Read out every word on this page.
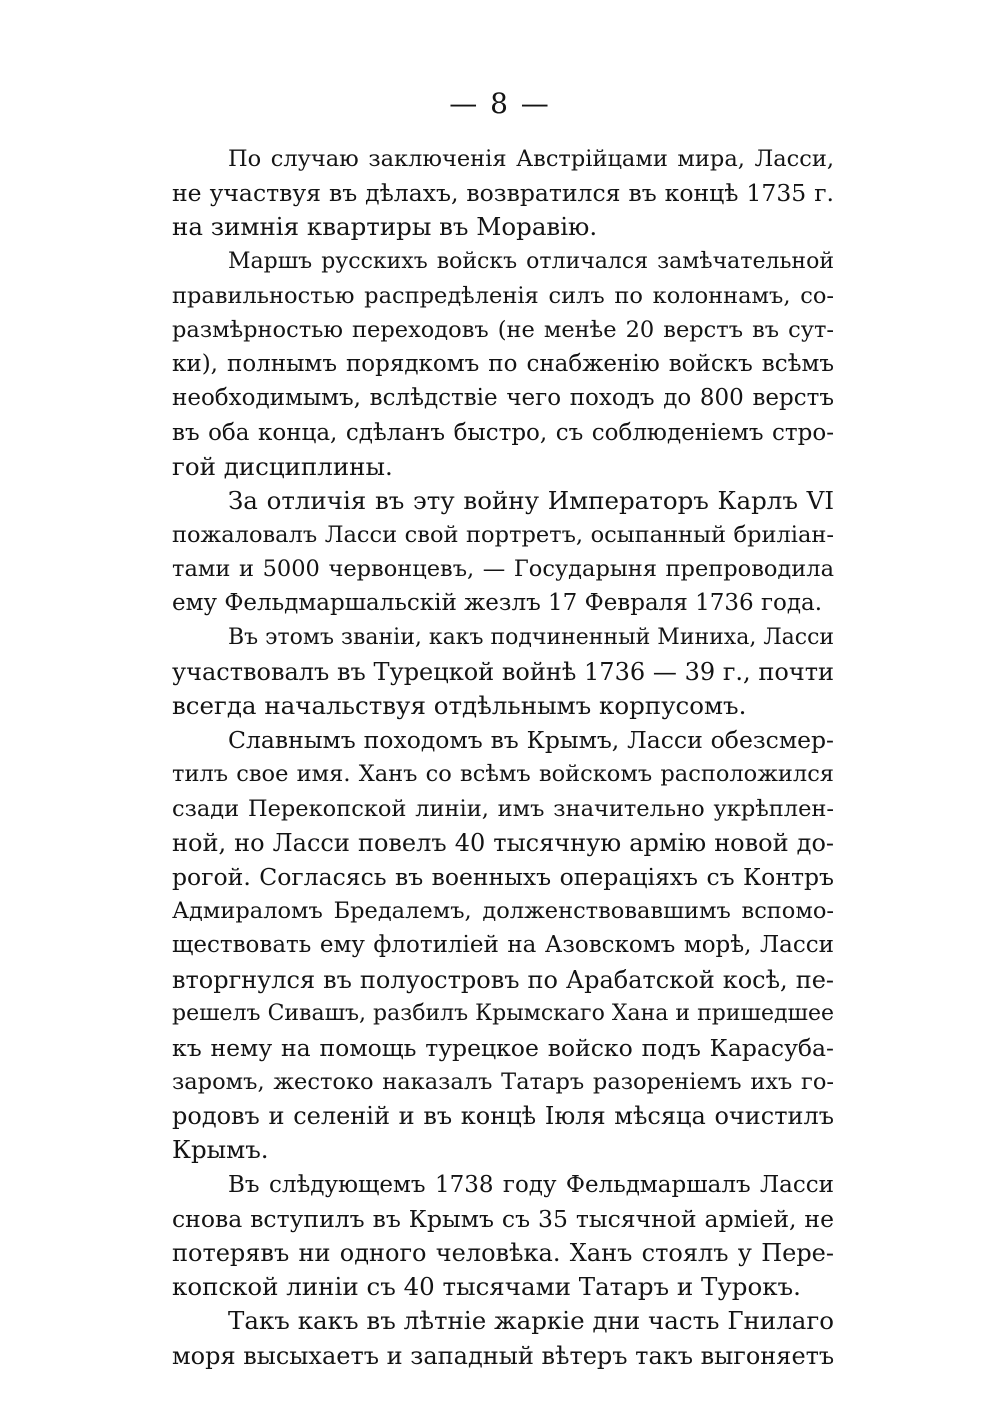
— 8 —
По случаю заключенія Австрійцами мира, Ласси,
не участвуя въ дѣлахъ, возвратился въ концѣ 1735 г.
на зимнія квартиры въ Моравію.
Маршъ русскихъ войскъ отличался замѣчательной
правильностью распредѣленія силъ по колоннамъ, со-
размѣрностью переходовъ (не менѣе 20 верстъ въ сут-
ки), полнымъ порядкомъ по снабженію войскъ всѣмъ
необходимымъ, вслѣдствіе чего походъ до 800 верстъ
въ оба конца, сдѣланъ быстро, съ соблюденіемъ стро-
гой дисциплины.
За отличія въ эту войну Императоръ Карлъ VI
пожаловалъ Ласси свой портретъ, осыпанный бриліан-
тами и 5000 червонцевъ, — Государыня препроводила
ему Фельдмаршальскій жезлъ 17 Февраля 1736 года.
Въ этомъ званіи, какъ подчиненный Миниха, Ласси
участвовалъ въ Турецкой войнѣ 1736 — 39 г., почти
всегда начальствуя отдѣльнымъ корпусомъ.
Славнымъ походомъ въ Крымъ, Ласси обезсмер-
тилъ свое имя. Ханъ со всѣмъ войскомъ расположился
сзади Перекопской линіи, имъ значительно укрѣплен-
ной, но Ласси повелъ 40 тысячную армію новой до-
рогой. Согласясь въ военныхъ операціяхъ съ Контръ
Адмираломъ Бредалемъ, долженствовавшимъ вспомо-
ществовать ему флотиліей на Азовскомъ морѣ, Ласси
вторгнулся въ полуостровъ по Арабатской косѣ, пе-
решелъ Сивашъ, разбилъ Крымскаго Хана и пришедшее
къ нему на помощь турецкое войско подъ Карасуба-
заромъ, жестоко наказалъ Татаръ разореніемъ ихъ го-
родовъ и селеній и въ концѣ Іюля мѣсяца очистилъ
Крымъ.
Въ слѣдующемъ 1738 году Фельдмаршалъ Ласси
снова вступилъ въ Крымъ съ 35 тысячной арміей, не
потерявъ ни одного человѣка. Ханъ стоялъ у Пере-
копской линіи съ 40 тысячами Татаръ и Турокъ.
Такъ какъ въ лѣтніе жаркіе дни часть Гнилаго
моря высыхаетъ и западный вѣтеръ такъ выгоняетъ
